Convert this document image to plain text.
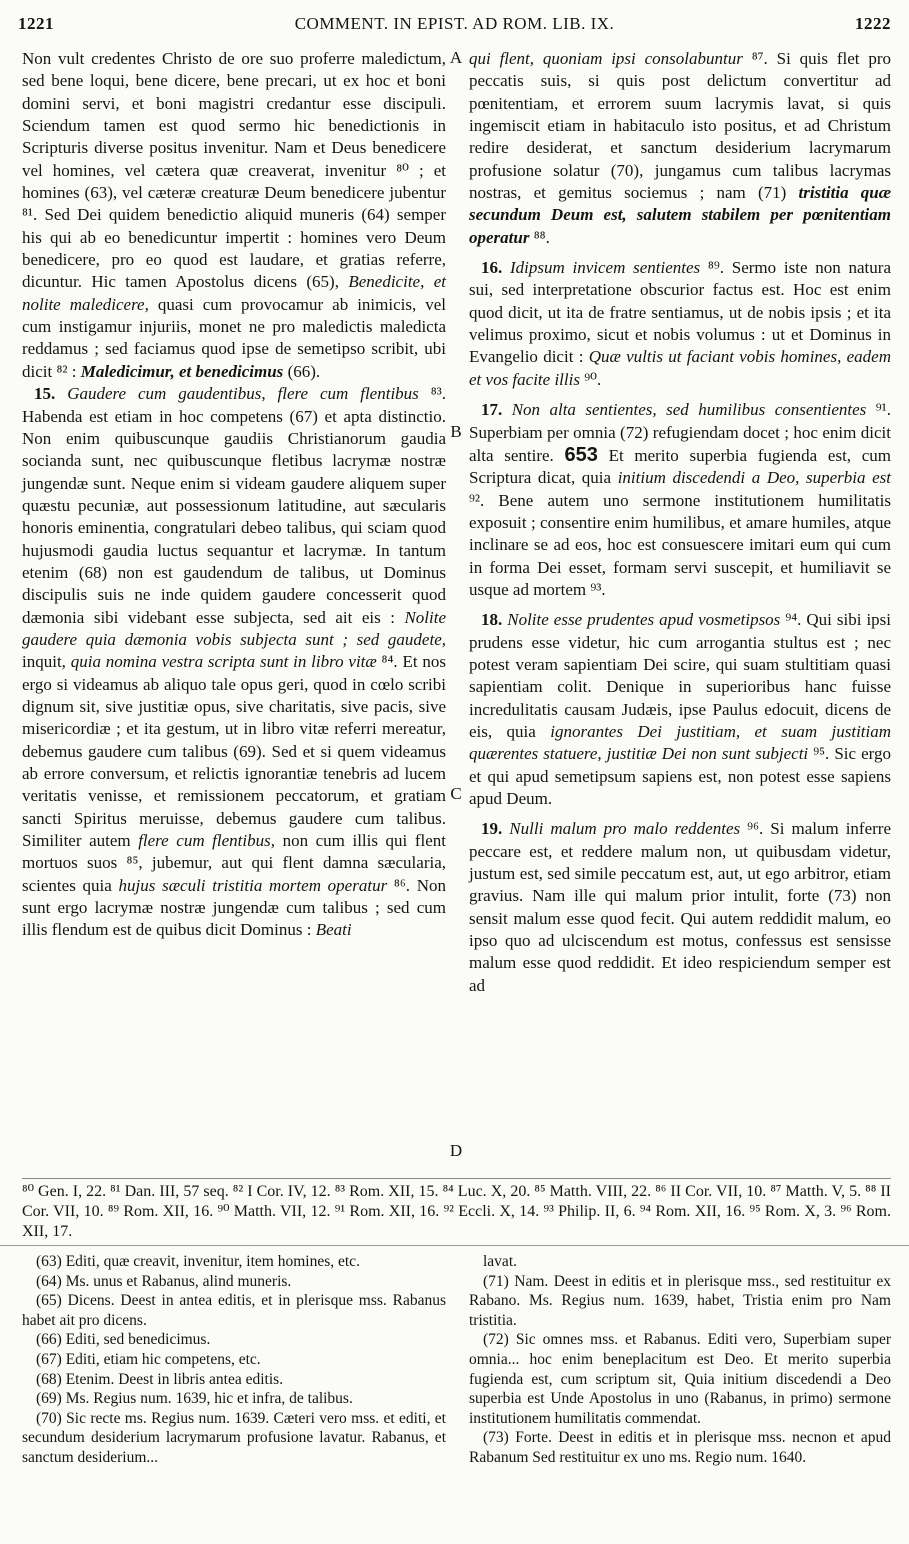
1221	COMMENT. IN EPIST. AD ROM. LIB. IX.	1222
A
B
C
D

Non vult credentes Christo de ore suo proferre maledictum, sed bene loqui, bene dicere, bene precari, ut ex hoc et boni domini servi, et boni magistri credantur esse discipuli. Sciendum tamen est quod sermo hic benedictionis in Scripturis diverse positus invenitur. Nam et Deus benedicere vel homines, vel cætera quæ creaverat, invenitur ⁸⁰ ; et homines (63), vel cæteræ creaturæ Deum benedicere jubentur ⁸¹. Sed Dei quidem benedictio aliquid muneris (64) semper his qui ab eo benedicuntur impertit : homines vero Deum benedicere, pro eo quod est laudare, et gratias referre, dicuntur. Hic tamen Apostolus dicens (65), Benedicite, et nolite maledicere, quasi cum provocamur ab inimicis, vel cum instigamur injuriis, monet ne pro maledictis maledicta reddamus ; sed faciamus quod ipse de semetipso scribit, ubi dicit ⁸² : Maledicimur, et benedicimus (66).

15. Gaudere cum gaudentibus, flere cum flentibus ⁸³. Habenda est etiam in hoc competens (67) et apta distinctio. Non enim quibuscunque gaudiis Christianorum gaudia socianda sunt, nec quibuscunque fletibus lacrymæ nostræ jungendæ sunt. Neque enim si videam gaudere aliquem super quæstu pecuniæ, aut possessionum latitudine, aut sæcularis honoris eminentia, congratulari debeo talibus, qui sciam quod hujusmodi gaudia luctus sequantur et lacrymæ. In tantum etenim (68) non est gaudendum de talibus, ut Dominus discipulis suis ne inde quidem gaudere concesserit quod dæmonia sibi videbant esse subjecta, sed ait eis : Nolite gaudere quia dæmonia vobis subjecta sunt ; sed gaudete, inquit, quia nomina vestra scripta sunt in libro vitæ ⁸⁴. Et nos ergo si videamus ab aliquo tale opus geri, quod in cœlo scribi dignum sit, sive justitiæ opus, sive charitatis, sive pacis, sive misericordiæ ; et ita gestum, ut in libro vitæ referri mereatur, debemus gaudere cum talibus (69). Sed et si quem videamus ab errore conversum, et relictis ignorantiæ tenebris ad lucem veritatis venisse, et remissionem peccatorum, et gratiam sancti Spiritus meruisse, debemus gaudere cum talibus. Similiter autem flere cum flentibus, non cum illis qui flent mortuos suos ⁸⁵, jubemur, aut qui flent damna sæcularia, scientes quia hujus sæculi tristitia mortem operatur ⁸⁶. Non sunt ergo lacrymæ nostræ jungendæ cum talibus ; sed cum illis flendum est de quibus dicit Dominus : Beati

qui flent, quoniam ipsi consolabuntur ⁸⁷. Si quis flet pro peccatis suis, si quis post delictum convertitur ad pœnitentiam, et errorem suum lacrymis lavat, si quis ingemiscit etiam in habitaculo isto positus, et ad Christum redire desiderat, et sanctum desiderium lacrymarum profusione solatur (70), jungamus cum talibus lacrymas nostras, et gemitus sociemus ; nam (71) tristitia quæ secundum Deum est, salutem stabilem per pœnitentiam operatur ⁸⁸.

16. Idipsum invicem sentientes ⁸⁹. Sermo iste non natura sui, sed interpretatione obscurior factus est. Hoc est enim quod dicit, ut ita de fratre sentiamus, ut de nobis ipsis ; et ita velimus proximo, sicut et nobis volumus : ut et Dominus in Evangelio dicit : Quæ vultis ut faciant vobis homines, eadem et vos facite illis ⁹⁰.

17. Non alta sentientes, sed humilibus consentientes ⁹¹. Superbiam per omnia (72) refugiendam docet ; hoc enim dicit alta sentire. 653 Et merito superbia fugienda est, cum Scriptura dicat, quia initium discedendi a Deo, superbia est ⁹². Bene autem uno sermone institutionem humilitatis exposuit ; consentire enim humilibus, et amare humiles, atque inclinare se ad eos, hoc est consuescere imitari eum qui cum in forma Dei esset, formam servi suscepit, et humiliavit se usque ad mortem ⁹³.

18. Nolite esse prudentes apud vosmetipsos ⁹⁴. Qui sibi ipsi prudens esse videtur, hic cum arrogantia stultus est ; nec potest veram sapientiam Dei scire, qui suam stultitiam quasi sapientiam colit. Denique in superioribus hanc fuisse incredulitatis causam Judæis, ipse Paulus edocuit, dicens de eis, quia ignorantes Dei justitiam, et suam justitiam quærentes statuere, justitiæ Dei non sunt subjecti ⁹⁵. Sic ergo et qui apud semetipsum sapiens est, non potest esse sapiens apud Deum.

19. Nulli malum pro malo reddentes ⁹⁶. Si malum inferre peccare est, et reddere malum non, ut quibusdam videtur, justum est, sed simile peccatum est, aut, ut ego arbitror, etiam gravius. Nam ille qui malum prior intulit, forte (73) non sensit malum esse quod fecit. Qui autem reddidit malum, eo ipso quo ad ulciscendum est motus, confessus est sensisse malum esse quod reddidit. Et ideo respiciendum semper est ad

⁸⁰ Gen. I, 22. ⁸¹ Dan. III, 57 seq. ⁸² I Cor. IV, 12. ⁸³ Rom. XII, 15. ⁸⁴ Luc. X, 20. ⁸⁵ Matth. VIII, 22. ⁸⁶ II Cor. VII, 10. ⁸⁷ Matth. V, 5. ⁸⁸ II Cor. VII, 10. ⁸⁹ Rom. XII, 16. ⁹⁰ Matth. VII, 12. ⁹¹ Rom. XII, 16. ⁹² Eccli. X, 14. ⁹³ Philip. II, 6. ⁹⁴ Rom. XII, 16. ⁹⁵ Rom. X, 3. ⁹⁶ Rom. XII, 17.

(63) Editi, quæ creavit, invenitur, item homines, etc.

(64) Ms. unus et Rabanus, alind muneris.

(65) Dicens. Deest in antea editis, et in plerisque mss. Rabanus habet ait pro dicens.

(66) Editi, sed benedicimus.

(67) Editi, etiam hic competens, etc.

(68) Etenim. Deest in libris antea editis.

(69) Ms. Regius num. 1639, hic et infra, de talibus.

(70) Sic recte ms. Regius num. 1639. Cæteri vero mss. et editi, et secundum desiderium lacrymarum profusione lavatur. Rabanus, et sanctum desiderium...

lavat.

(71) Nam. Deest in editis et in plerisque mss., sed restituitur ex Rabano. Ms. Regius num. 1639, habet, Tristia enim pro Nam tristitia.

(72) Sic omnes mss. et Rabanus. Editi vero, Superbiam super omnia... hoc enim beneplacitum est Deo. Et merito superbia fugienda est, cum scriptum sit, Quia initium discedendi a Deo superbia est Unde Apostolus in uno (Rabanus, in primo) sermone institutionem humilitatis commendat.

(73) Forte. Deest in editis et in plerisque mss. necnon et apud Rabanum Sed restituitur ex uno ms. Regio num. 1640.
